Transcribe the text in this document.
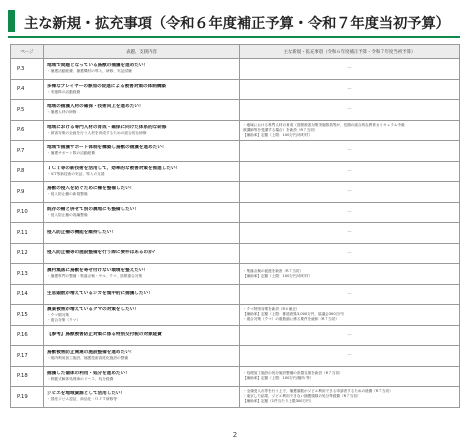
主な新規・拡充事項（令和６年度補正予算・令和７年度当初予算）
ページ	表題、支援内容	主な新規・拡充事項（令和６年度補正予算・令和７年度当初予算）
P.3	地域で問題となっている鳥獣の捕獲を進めたい！
・捕獲活動経費、捕獲機材の導入、研修、実証試験	－

P.4	多様なプレイヤーの参加の促進による被害対策の体制構築
・実施隊の活動経費	－

P.5	地域の捕獲人材の確保・技術向上を進めたい！
・捕獲人材の研修	－

P.6	地域における専門人材の育成・確保に向けた体系的な研修
・被害対策の企画を行う人材を育成するための総合的な研修	・地域における専門人材の育成（鳥獣被害対策実施隊員等が、長期の総合的な教育カリキュラム中級
被講師等を受講する場合）を新設（R７当初）
【補助率】定額（上限：100万円/市町村）

P.7	地域で捕獲サポート体制を構築し鳥獣の捕獲を進めたい！
・捕獲サポート隊の活動経費	－

P.8	ＩＣＴ等の新技術を活用して、効率的な被害対策を推進したい！
・ICT等新技術の実証、導入の支援	－

P.9	鳥獣の侵入を防ぐために柵を整備したい！
・侵入防止柵の新規整備	－

P.10	既存の柵と併せて別の農地にも整備したい！
・侵入防止柵の再編整備	－

P.11	侵入防止柵の機能を維持したい！	－

P.12	侵入防止柵等の施設整備を行う際に要件はあるのか？	－

P.13	農村集落に鳥獣を寄せ付けない環境を整えたい！
・捕獲専門の整備・集落点検・サル、クマ、鳥獣複合対策	・集落点検の促進を新設（R７当初）
【補助率】定額（上限：100万円/市町村）

P.14	生息頭数が増えているシカを集中的に捕獲したい！	－

P.15	農業被害が増えているクマの対策をしたい！
・クマ類対策
・複合対策（クマ）	・クマ特別対策を新設（R６補正）
【補助率】定額（上限：都道府県3,000万円、協議会300万円）
・複合対策（クマ）の複数値に係る要件を緩和（R７当初）

P.16	【参考】鳥獣被害防止対策に係る特別交付税の対象経費	－

P.17	鳥獣被害防止関連の施設整備を進めたい！
・焼肉利用加工施設、捕獲技術高度化施設の整備	－

P.18	捕獲した個体の利用・処分を進めたい！
・移動式解体処理車のリース、処分経費	・処理加工施設の処分施設整備の設置支援を新設（R７当初）
【補助率】定額（上限：100万円/箇所 等）

P.19	ジビエを地域資源として活用したい！
・国産ジビエ認証、商品化・ＯＪＴ研修等	・全頭受入れ等を行う上で、捕獲頭数がジビエ利用できる申請者するための経費（R７当初）
・東京した結果、ジビエ利用できない捕獲頭数の処分等経費（R７当初）
【補助率】定額（1件当たり上限300万円）
2
